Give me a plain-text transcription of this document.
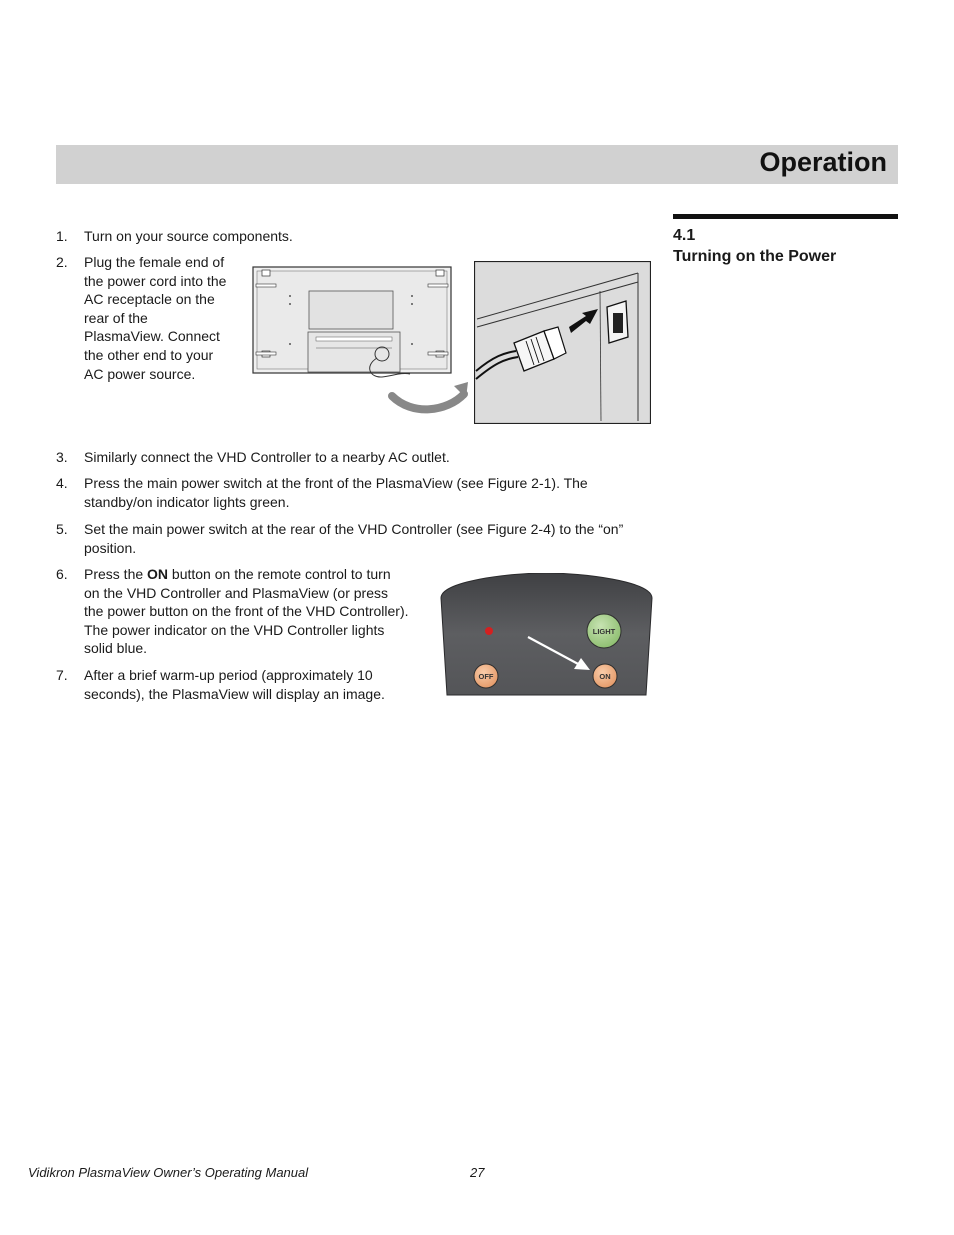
Operation
4.1
Turning on the Power
1.	Turn on your source components.
2.	Plug the female end of the power cord into the AC receptacle on the rear of the PlasmaView. Connect the other end to your AC power source.
3.	Similarly connect the VHD Controller to a nearby AC outlet.
4.	Press the main power switch at the front of the PlasmaView (see Figure 2-1). The standby/on indicator lights green.
5.	Set the main power switch at the rear of the VHD Controller (see Figure 2-4) to the “on” position.
6.	Press the ON button on the remote control to turn on the VHD Controller and PlasmaView (or press the power button on the front of the VHD Controller). The power indicator on the VHD Controller lights solid blue.
7.	After a brief warm-up period (approximately 10 seconds), the PlasmaView will display an image.
LIGHT
OFF	ON
Vidikron PlasmaView Owner’s Operating Manual	27
